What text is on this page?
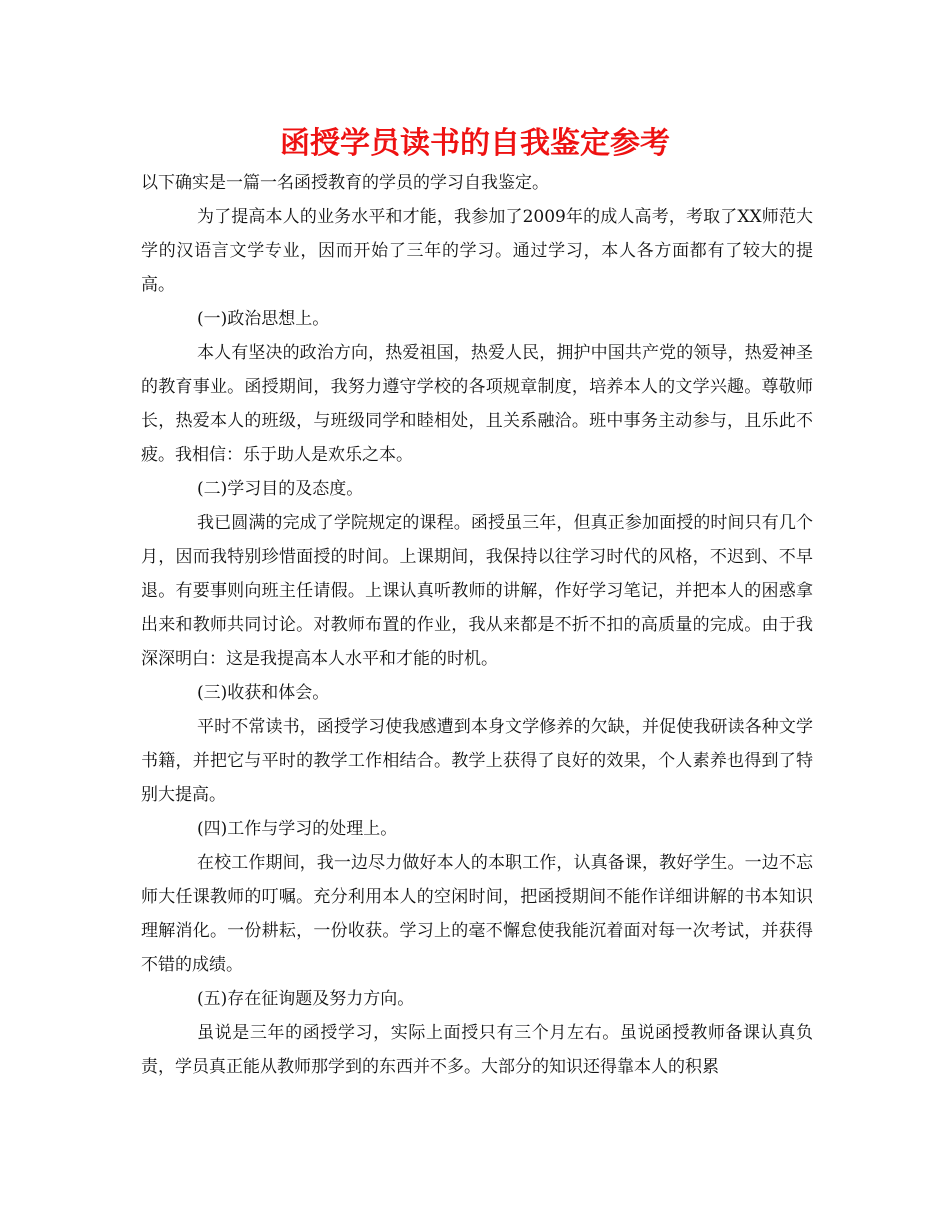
函授学员读书的自我鉴定参考

以下确实是一篇一名函授教育的学员的学习自我鉴定。

为了提高本人的业务水平和才能，我参加了2009年的成人高考，考取了XX师范大学的汉语言文学专业，因而开始了三年的学习。通过学习，本人各方面都有了较大的提高。

(一)政治思想上。

本人有坚决的政治方向，热爱祖国，热爱人民，拥护中国共产党的领导，热爱神圣的教育事业。函授期间，我努力遵守学校的各项规章制度，培养本人的文学兴趣。尊敬师长，热爱本人的班级，与班级同学和睦相处，且关系融洽。班中事务主动参与，且乐此不疲。我相信：乐于助人是欢乐之本。

(二)学习目的及态度。

我已圆满的完成了学院规定的课程。函授虽三年，但真正参加面授的时间只有几个月，因而我特别珍惜面授的时间。上课期间，我保持以往学习时代的风格，不迟到、不早退。有要事则向班主任请假。上课认真听教师的讲解，作好学习笔记，并把本人的困惑拿出来和教师共同讨论。对教师布置的作业，我从来都是不折不扣的高质量的完成。由于我深深明白：这是我提高本人水平和才能的时机。

(三)收获和体会。

平时不常读书，函授学习使我感遭到本身文学修养的欠缺，并促使我研读各种文学书籍，并把它与平时的教学工作相结合。教学上获得了良好的效果，个人素养也得到了特别大提高。

(四)工作与学习的处理上。

在校工作期间，我一边尽力做好本人的本职工作，认真备课，教好学生。一边不忘师大任课教师的叮嘱。充分利用本人的空闲时间，把函授期间不能作详细讲解的书本知识理解消化。一份耕耘，一份收获。学习上的毫不懈怠使我能沉着面对每一次考试，并获得不错的成绩。

(五)存在征询题及努力方向。

虽说是三年的函授学习，实际上面授只有三个月左右。虽说函授教师备课认真负责，学员真正能从教师那学到的东西并不多。大部分的知识还得靠本人的积累
